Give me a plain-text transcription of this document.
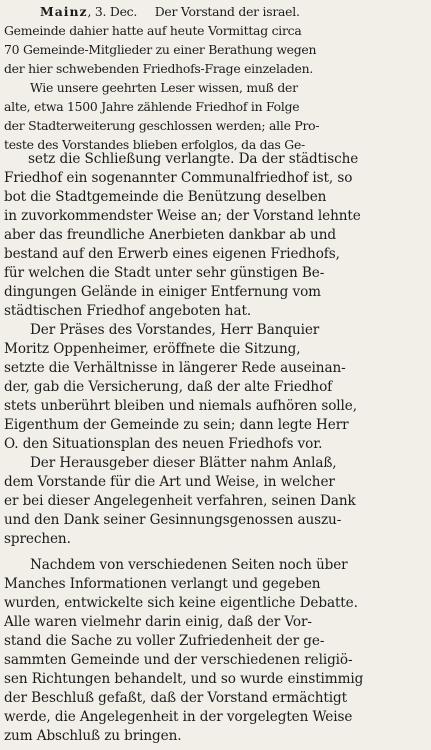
Mainz, 3. Dec. Der Vorstand der israel.
Gemeinde dahier hatte auf heute Vormittag circa
70 Gemeinde-Mitglieder zu einer Berathung wegen
der hier schwebenden Friedhofs-Frage einzeladen.
Wie unsere geehrten Leser wissen, muß der
alte, etwa 1500 Jahre zählende Friedhof in Folge
der Stadterweiterung geschlossen werden; alle Pro-
teste des Vorstandes blieben erfolglos, da das Ge-
setz die Schließung verlangte. Da der städtische
Friedhof ein sogenannter Communalfriedhof ist, so
bot die Stadtgemeinde die Benützung deselben
in zuvorkommendster Weise an; der Vorstand lehnte
aber das freundliche Anerbieten dankbar ab und
bestand auf den Erwerb eines eigenen Friedhofs,
für welchen die Stadt unter sehr günstigen Be-
dingungen Gelände in einiger Entfernung vom
städtischen Friedhof angeboten hat.
Der Präses des Vorstandes, Herr Banquier
Moritz Oppenheimer, eröffnete die Sitzung,
setzte die Verhältnisse in längerer Rede auseinan-
der, gab die Versicherung, daß der alte Friedhof
stets unberührt bleiben und niemals aufhören solle,
Eigenthum der Gemeinde zu sein; dann legte Herr
O. den Situationsplan des neuen Friedhofs vor.
Der Herausgeber dieser Blätter nahm Anlaß,
dem Vorstande für die Art und Weise, in welcher
er bei dieser Angelegenheit verfahren, seinen Dank
und den Dank seiner Gesinnungsgenossen auszu-
sprechen.
Nachdem von verschiedenen Seiten noch über
Manches Informationen verlangt und gegeben
wurden, entwickelte sich keine eigentliche Debatte.
Alle waren vielmehr darin einig, daß der Vor-
stand die Sache zu voller Zufriedenheit der ge-
sammten Gemeinde und der verschiedenen religiö-
sen Richtungen behandelt, und so wurde einstimmig
der Beschluß gefaßt, daß der Vorstand ermächtigt
werde, die Angelegenheit in der vorgelegten Weise
zum Abschluß zu bringen.
